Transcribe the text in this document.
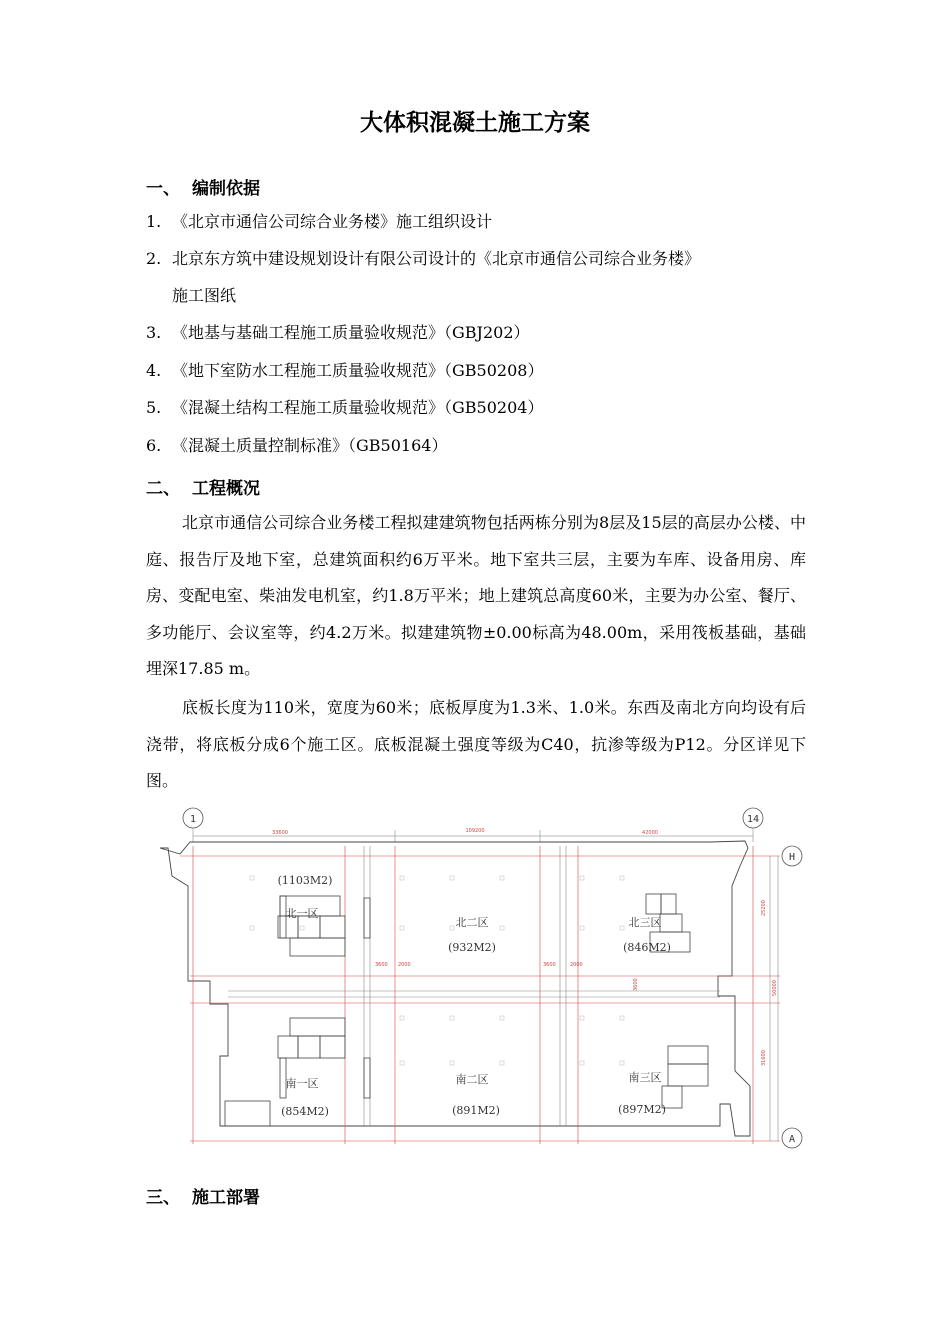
大体积混凝土施工方案
一、 编制依据
1. 《北京市通信公司综合业务楼》施工组织设计
2. 北京东方筑中建设规划设计有限公司设计的《北京市通信公司综合业务楼》
施工图纸
3. 《地基与基础工程施工质量验收规范》（GBJ202）
4. 《地下室防水工程施工质量验收规范》（GB50208）
5. 《混凝土结构工程施工质量验收规范》（GB50204）
6. 《混凝土质量控制标准》（GB50164）
二、 工程概况
北京市通信公司综合业务楼工程拟建建筑物包括两栋分别为8层及15层的高层办公楼、中庭、报告厅及地下室，总建筑面积约6万平米。地下室共三层，主要为车库、设备用房、库房、变配电室、柴油发电机室，约1.8万平米；地上建筑总高度60米，主要为办公室、餐厅、多功能厅、会议室等，约4.2万米。拟建建筑物±0.00标高为48.00m，采用筏板基础，基础埋深17.85 m。
底板长度为110米，宽度为60米；底板厚度为1.3米、1.0米。东西及南北方向均设有后浇带，将底板分成6个施工区。底板混凝土强度等级为C40，抗渗等级为P12。分区详见下图。
1	14
H
A
33600	109200	42000
3600 2000	3600	2000
25200
50000
3600
31600
(1103M2)
北一区
北二区
(932M2)
北三区
(846M2)
南一区
(854M2)
南二区
(891M2)
南三区
(897M2)
三、 施工部署
